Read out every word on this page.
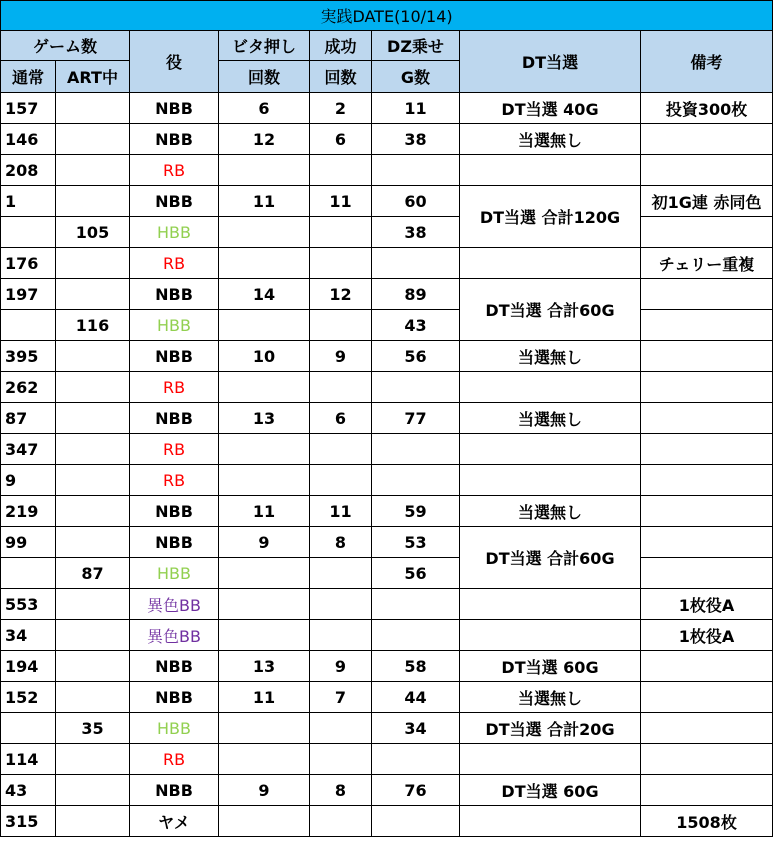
実践DATE(10/14)							
ゲーム数		役	ビタ押し	成功	DZ乗せ	DT当選	備考
通常	ART中		回数	回数	G数		
157		NBB	6	2	11	DT当選 40G	投資300枚
146		NBB	12	6	38	当選無し	
208		RB					
1		NBB	11	11	60	DT当選 合計120G	初1G連 赤同色
	105	HBB			38		
176		RB					チェリー重複
197		NBB	14	12	89	DT当選 合計60G	
	116	HBB			43		
395		NBB	10	9	56	当選無し	
262		RB					
87		NBB	13	6	77	当選無し	
347		RB					
9		RB					
219		NBB	11	11	59	当選無し	
99		NBB	9	8	53	DT当選 合計60G	
	87	HBB			56		
553		異色BB					1枚役A
34		異色BB					1枚役A
194		NBB	13	9	58	DT当選 60G	
152		NBB	11	7	44	当選無し	
	35	HBB			34	DT当選 合計20G	
114		RB					
43		NBB	9	8	76	DT当選 60G	
315		ヤメ					1508枚
